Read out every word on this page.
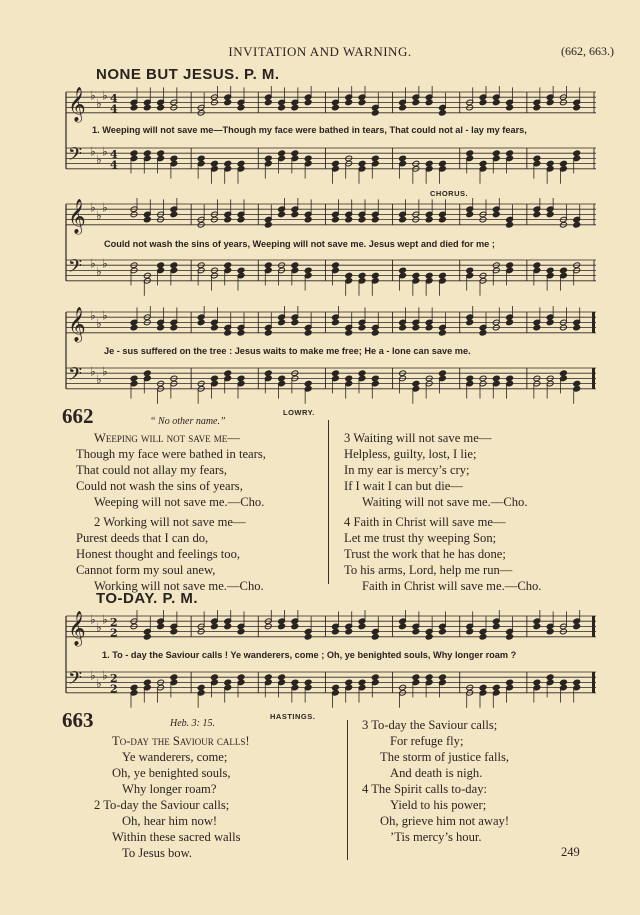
INVITATION AND WARNING.	(662, 663.)
NONE BUT JESUS. P. M.
𝄞 ♭
♭
♭ 4
4
𝄢 ♭
♭
♭ 4
4
1. Weeping will not save me—Though my face were bathed in tears, That could not al - lay my fears,
CHORUS.
𝄞 ♭
♭
♭
𝄢 ♭
♭
♭
Could not wash the sins of years, Weeping will not save me. Jesus wept and died for me ;
𝄞 ♭
♭
♭
𝄢 ♭
♭
♭
Je - sus suffered on the tree : Jesus waits to make me free; He a - lone can save me.
LOWRY.
662	“ No other name.”
Weeping will not save me—
Though my face were bathed in tears,
That could not allay my fears,
Could not wash the sins of years,
Weeping will not save me.—Cho.
2 Working will not save me—
Purest deeds that I can do,
Honest thought and feelings too,
Cannot form my soul anew,
Working will not save me.—Cho.
3 Waiting will not save me—
Helpless, guilty, lost, I lie;
In my ear is mercy’s cry;
If I wait I can but die—
Waiting will not save me.—Cho.
4 Faith in Christ will save me—
Let me trust thy weeping Son;
Trust the work that he has done;
To his arms, Lord, help me run—
Faith in Christ will save me.—Cho.
TO-DAY. P. M.
𝄞 ♭
♭
♭ 2
2
𝄢 ♭
♭
♭ 2
2
1. To - day the Saviour calls ! Ye wanderers, come ; Oh, ye benighted souls, Why longer roam ?
HASTINGS.
663	Heb. 3: 15.
To-day the Saviour calls!
Ye wanderers, come;
Oh, ye benighted souls,
Why longer roam?
2 To-day the Saviour calls;
Oh, hear him now!
Within these sacred walls
To Jesus bow.
3 To-day the Saviour calls;
For refuge fly;
The storm of justice falls,
And death is nigh.
4 The Spirit calls to-day:
Yield to his power;
Oh, grieve him not away!
’Tis mercy’s hour.
249
